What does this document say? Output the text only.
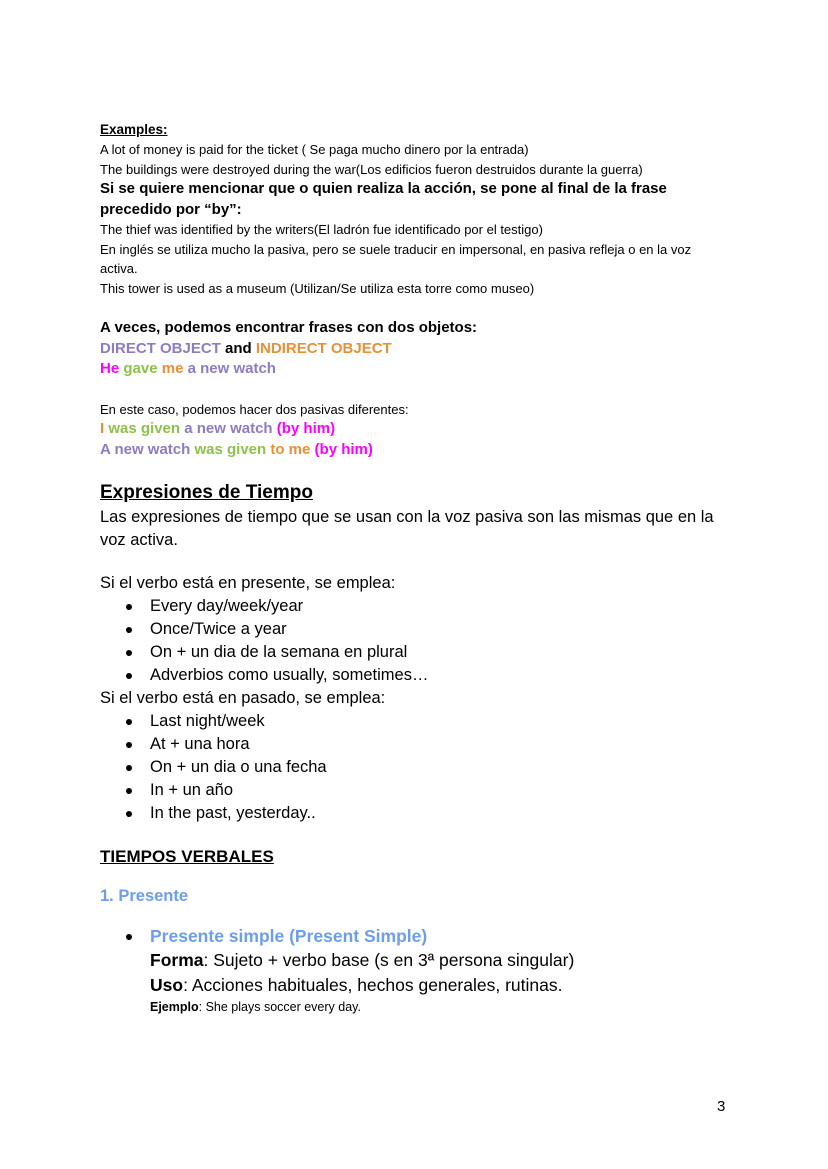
Examples:

A lot of money is paid for the ticket ( Se paga mucho dinero por la entrada)

The buildings were destroyed during the war(Los edificios fueron destruidos durante la guerra)

Si se quiere mencionar que o quien realiza la acción, se pone al final de la frase precedido por “by”:

The thief was identified by the writers(El ladrón fue identificado por el testigo)

En inglés se utiliza mucho la pasiva, pero se suele traducir en impersonal, en pasiva refleja o en la voz activa.

This tower is used as a museum (Utilizan/Se utiliza esta torre como museo)

A veces, podemos encontrar frases con dos objetos:

DIRECT OBJECT and INDIRECT OBJECT

He gave me a new watch

En este caso, podemos hacer dos pasivas diferentes:

I was given a new watch (by him)

A new watch was given to me (by him)

Expresiones de Tiempo

Las expresiones de tiempo que se usan con la voz pasiva son las mismas que en la voz activa.

Si el verbo está en presente, se emplea:

Every day/week/year
Once/Twice a year
On + un dia de la semana en plural
Adverbios como usually, sometimes…

Si el verbo está en pasado, se emplea:

Last night/week
At + una hora
On + un dia o una fecha
In + un año
In the past, yesterday..

TIEMPOS VERBALES

1. Presente

Presente simple (Present Simple)
Forma: Sujeto + verbo base (s en 3ª persona singular)
Uso: Acciones habituales, hechos generales, rutinas.
Ejemplo: She plays soccer every day.
3
